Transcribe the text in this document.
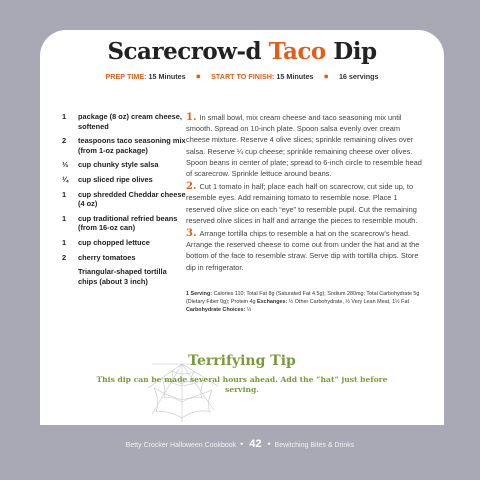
Scarecrow-d Taco Dip
PREP TIME: 15 Minutes ● START TO FINISH: 15 Minutes ● 16 servings
1	package (8 oz) cream cheese, softened
2	teaspoons taco seasoning mix (from 1-oz package)
⅓	cup chunky style salsa
¼	cup sliced ripe olives
1	cup shredded Cheddar cheese (4 oz)
1	cup traditional refried beans (from 16-oz can)
1	cup chopped lettuce
2	cherry tomatoes
Triangular-shaped tortilla chips (about 3 inch)
1. In small bowl, mix cream cheese and taco seasoning mix until smooth. Spread on 10-inch plate. Spoon salsa evenly over cream cheese mixture. Reserve 4 olive slices; sprinkle remaining olives over salsa. Reserve ¼ cup cheese; sprinkle remaining cheese over olives. Spoon beans in center of plate; spread to 6-inch circle to resemble head of scarecrow. Sprinkle lettuce around beans.
2. Cut 1 tomato in half; place each half on scarecrow, cut side up, to resemble eyes. Add remaining tomato to resemble nose. Place 1 reserved olive slice on each “eye” to resemble pupil. Cut the remaining reserved olive slices in half and arrange the pieces to resemble mouth.
3. Arrange tortilla chips to resemble a hat on the scarecrow’s head. Arrange the reserved cheese to come out from under the hat and at the bottom of the face to resemble straw. Serve dip with tortilla chips. Store dip in refrigerator.
1 Serving: Calories 110; Total Fat 8g (Saturated Fat 4.5g); Sodium 280mg; Total Carbohydrate 5g (Dietary Fiber 0g); Protein 4g Exchanges: ½ Other Carbohydrate, ½ Very Lean Meat, 1½ Fat Carbohydrate Choices: ½
Terrifying Tip
This dip can be made several hours ahead. Add the “hat” just before serving.
Betty Crocker Halloween Cookbook • 42 • Bewitching Bites & Drinks
